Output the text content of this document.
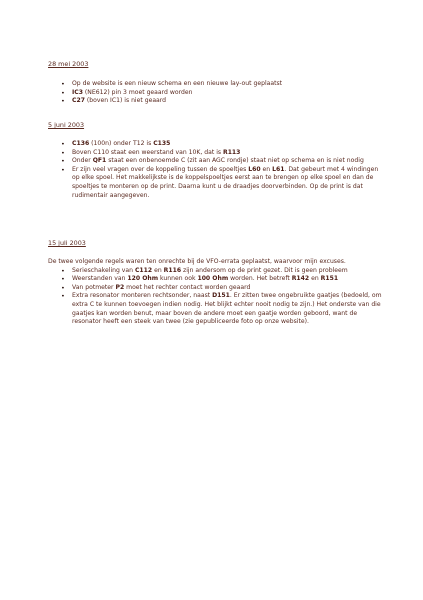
28 mei 2003

• Op de website is een nieuw schema en een nieuwe lay-out geplaatst
• IC3 (NE612) pin 3 moet geaard worden
• C27 (boven IC1) is niet geaard

5 juni 2003

• C136 (100n) onder T12 is C135
• Boven C110 staat een weerstand van 10K, dat is R113
• Onder QF1 staat een onbenoemde C (zit aan AGC rondje) staat niet op schema en is niet nodig
• Er zijn veel vragen over de koppeling tussen de spoeltjes L60 en L61. Dat gebeurt met 4 windingen op elke spoel. Het makkelijkste is de koppelspoeltjes eerst aan te brengen op elke spoel en dan de spoeltjes te monteren op de print. Daarna kunt u de draadjes doorverbinden. Op de print is dat rudimentair aangegeven.

15 juli 2003

De twee volgende regels waren ten onrechte bij de VFO-errata geplaatst, waarvoor mijn excuses.

• Serieschakeling van C112 en R116 zijn andersom op de print gezet. Dit is geen probleem
• Weerstanden van 120 Ohm kunnen ook 100 Ohm worden. Het betreft R142 en R151
• Van potmeter P2 moet het rechter contact worden geaard
• Extra resonator monteren rechtsonder, naast D151. Er zitten twee ongebruikte gaatjes (bedoeld, om extra C te kunnen toevoegen indien nodig. Het blijkt echter nooit nodig te zijn.) Het onderste van die gaatjes kan worden benut, maar boven de andere moet een gaatje worden geboord, want de resonator heeft een steek van twee (zie gepubliceerde foto op onze website).
